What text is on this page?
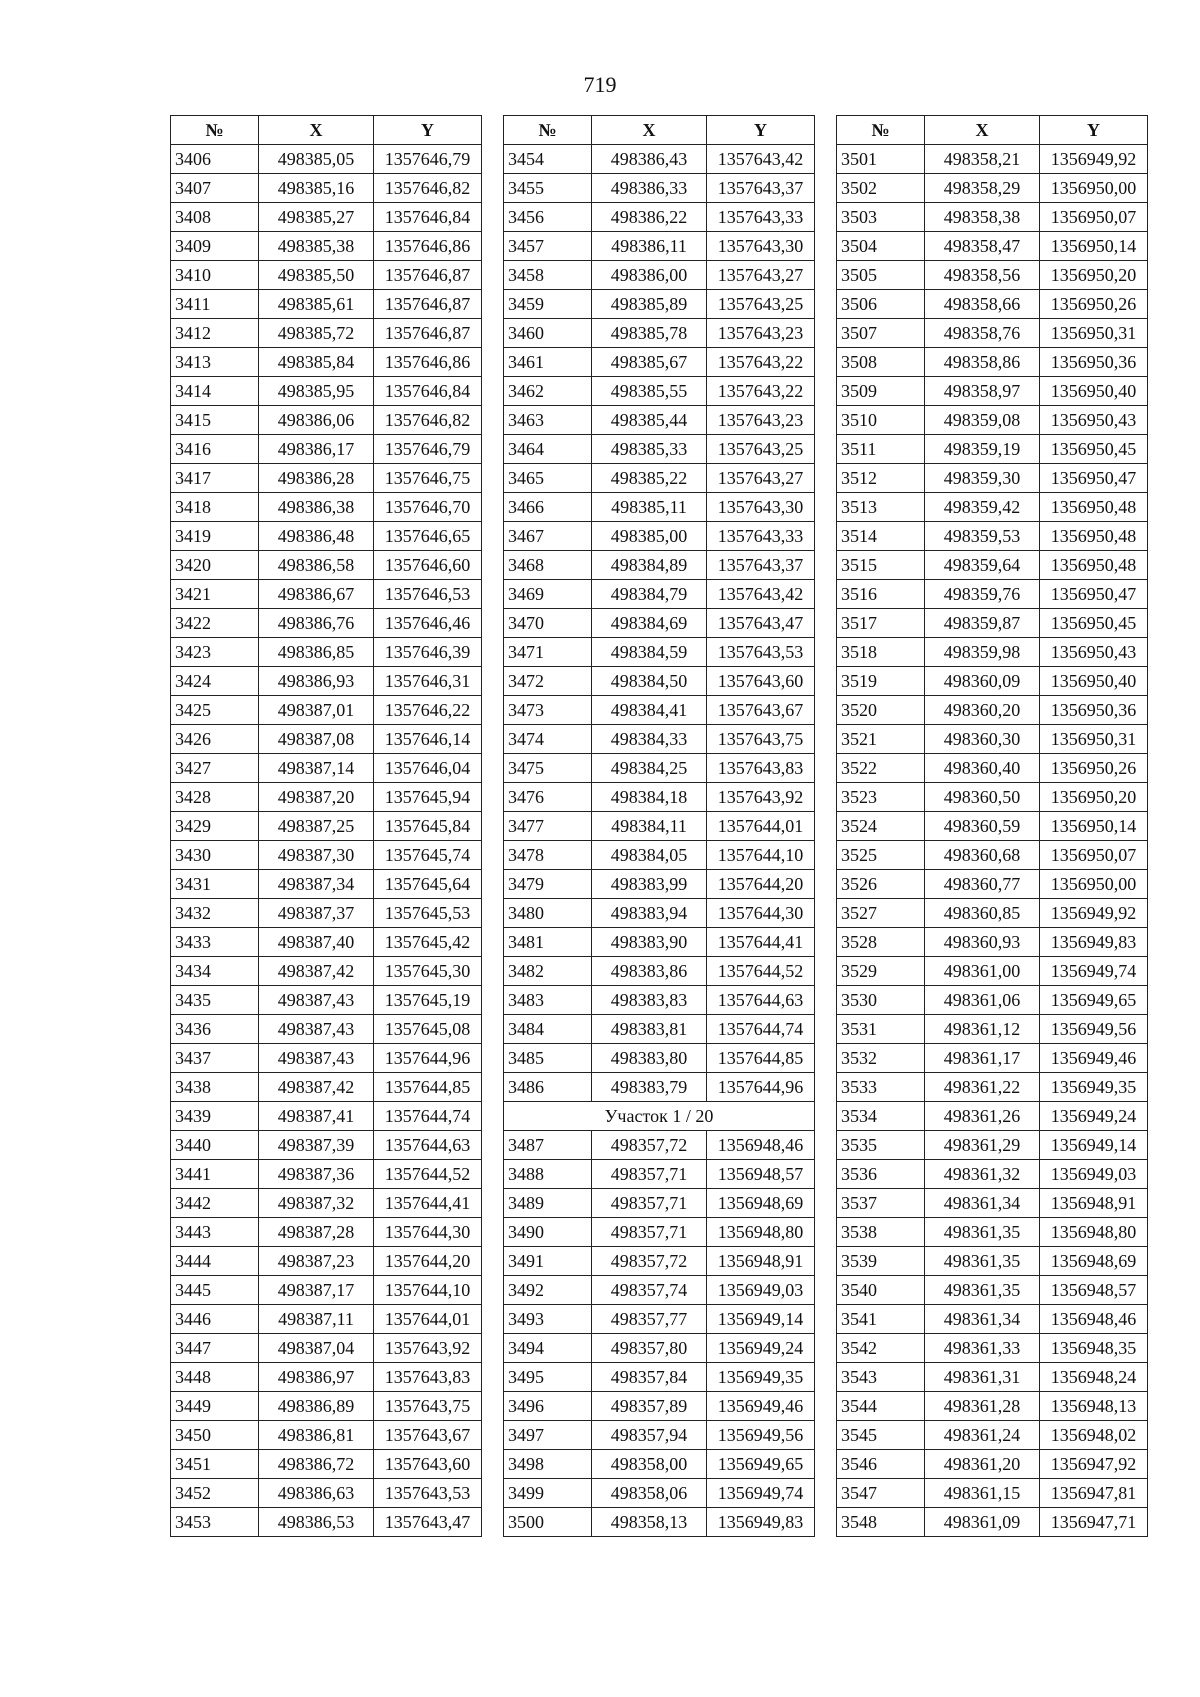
719
№	X	Y
3406	498385,05	1357646,79
3407	498385,16	1357646,82
3408	498385,27	1357646,84
3409	498385,38	1357646,86
3410	498385,50	1357646,87
3411	498385,61	1357646,87
3412	498385,72	1357646,87
3413	498385,84	1357646,86
3414	498385,95	1357646,84
3415	498386,06	1357646,82
3416	498386,17	1357646,79
3417	498386,28	1357646,75
3418	498386,38	1357646,70
3419	498386,48	1357646,65
3420	498386,58	1357646,60
3421	498386,67	1357646,53
3422	498386,76	1357646,46
3423	498386,85	1357646,39
3424	498386,93	1357646,31
3425	498387,01	1357646,22
3426	498387,08	1357646,14
3427	498387,14	1357646,04
3428	498387,20	1357645,94
3429	498387,25	1357645,84
3430	498387,30	1357645,74
3431	498387,34	1357645,64
3432	498387,37	1357645,53
3433	498387,40	1357645,42
3434	498387,42	1357645,30
3435	498387,43	1357645,19
3436	498387,43	1357645,08
3437	498387,43	1357644,96
3438	498387,42	1357644,85
3439	498387,41	1357644,74
3440	498387,39	1357644,63
3441	498387,36	1357644,52
3442	498387,32	1357644,41
3443	498387,28	1357644,30
3444	498387,23	1357644,20
3445	498387,17	1357644,10
3446	498387,11	1357644,01
3447	498387,04	1357643,92
3448	498386,97	1357643,83
3449	498386,89	1357643,75
3450	498386,81	1357643,67
3451	498386,72	1357643,60
3452	498386,63	1357643,53
3453	498386,53	1357643,47
№	X	Y
3454	498386,43	1357643,42
3455	498386,33	1357643,37
3456	498386,22	1357643,33
3457	498386,11	1357643,30
3458	498386,00	1357643,27
3459	498385,89	1357643,25
3460	498385,78	1357643,23
3461	498385,67	1357643,22
3462	498385,55	1357643,22
3463	498385,44	1357643,23
3464	498385,33	1357643,25
3465	498385,22	1357643,27
3466	498385,11	1357643,30
3467	498385,00	1357643,33
3468	498384,89	1357643,37
3469	498384,79	1357643,42
3470	498384,69	1357643,47
3471	498384,59	1357643,53
3472	498384,50	1357643,60
3473	498384,41	1357643,67
3474	498384,33	1357643,75
3475	498384,25	1357643,83
3476	498384,18	1357643,92
3477	498384,11	1357644,01
3478	498384,05	1357644,10
3479	498383,99	1357644,20
3480	498383,94	1357644,30
3481	498383,90	1357644,41
3482	498383,86	1357644,52
3483	498383,83	1357644,63
3484	498383,81	1357644,74
3485	498383,80	1357644,85
3486	498383,79	1357644,96
Участок 1 / 20		
3487	498357,72	1356948,46
3488	498357,71	1356948,57
3489	498357,71	1356948,69
3490	498357,71	1356948,80
3491	498357,72	1356948,91
3492	498357,74	1356949,03
3493	498357,77	1356949,14
3494	498357,80	1356949,24
3495	498357,84	1356949,35
3496	498357,89	1356949,46
3497	498357,94	1356949,56
3498	498358,00	1356949,65
3499	498358,06	1356949,74
3500	498358,13	1356949,83
№	X	Y
3501	498358,21	1356949,92
3502	498358,29	1356950,00
3503	498358,38	1356950,07
3504	498358,47	1356950,14
3505	498358,56	1356950,20
3506	498358,66	1356950,26
3507	498358,76	1356950,31
3508	498358,86	1356950,36
3509	498358,97	1356950,40
3510	498359,08	1356950,43
3511	498359,19	1356950,45
3512	498359,30	1356950,47
3513	498359,42	1356950,48
3514	498359,53	1356950,48
3515	498359,64	1356950,48
3516	498359,76	1356950,47
3517	498359,87	1356950,45
3518	498359,98	1356950,43
3519	498360,09	1356950,40
3520	498360,20	1356950,36
3521	498360,30	1356950,31
3522	498360,40	1356950,26
3523	498360,50	1356950,20
3524	498360,59	1356950,14
3525	498360,68	1356950,07
3526	498360,77	1356950,00
3527	498360,85	1356949,92
3528	498360,93	1356949,83
3529	498361,00	1356949,74
3530	498361,06	1356949,65
3531	498361,12	1356949,56
3532	498361,17	1356949,46
3533	498361,22	1356949,35
3534	498361,26	1356949,24
3535	498361,29	1356949,14
3536	498361,32	1356949,03
3537	498361,34	1356948,91
3538	498361,35	1356948,80
3539	498361,35	1356948,69
3540	498361,35	1356948,57
3541	498361,34	1356948,46
3542	498361,33	1356948,35
3543	498361,31	1356948,24
3544	498361,28	1356948,13
3545	498361,24	1356948,02
3546	498361,20	1356947,92
3547	498361,15	1356947,81
3548	498361,09	1356947,71
